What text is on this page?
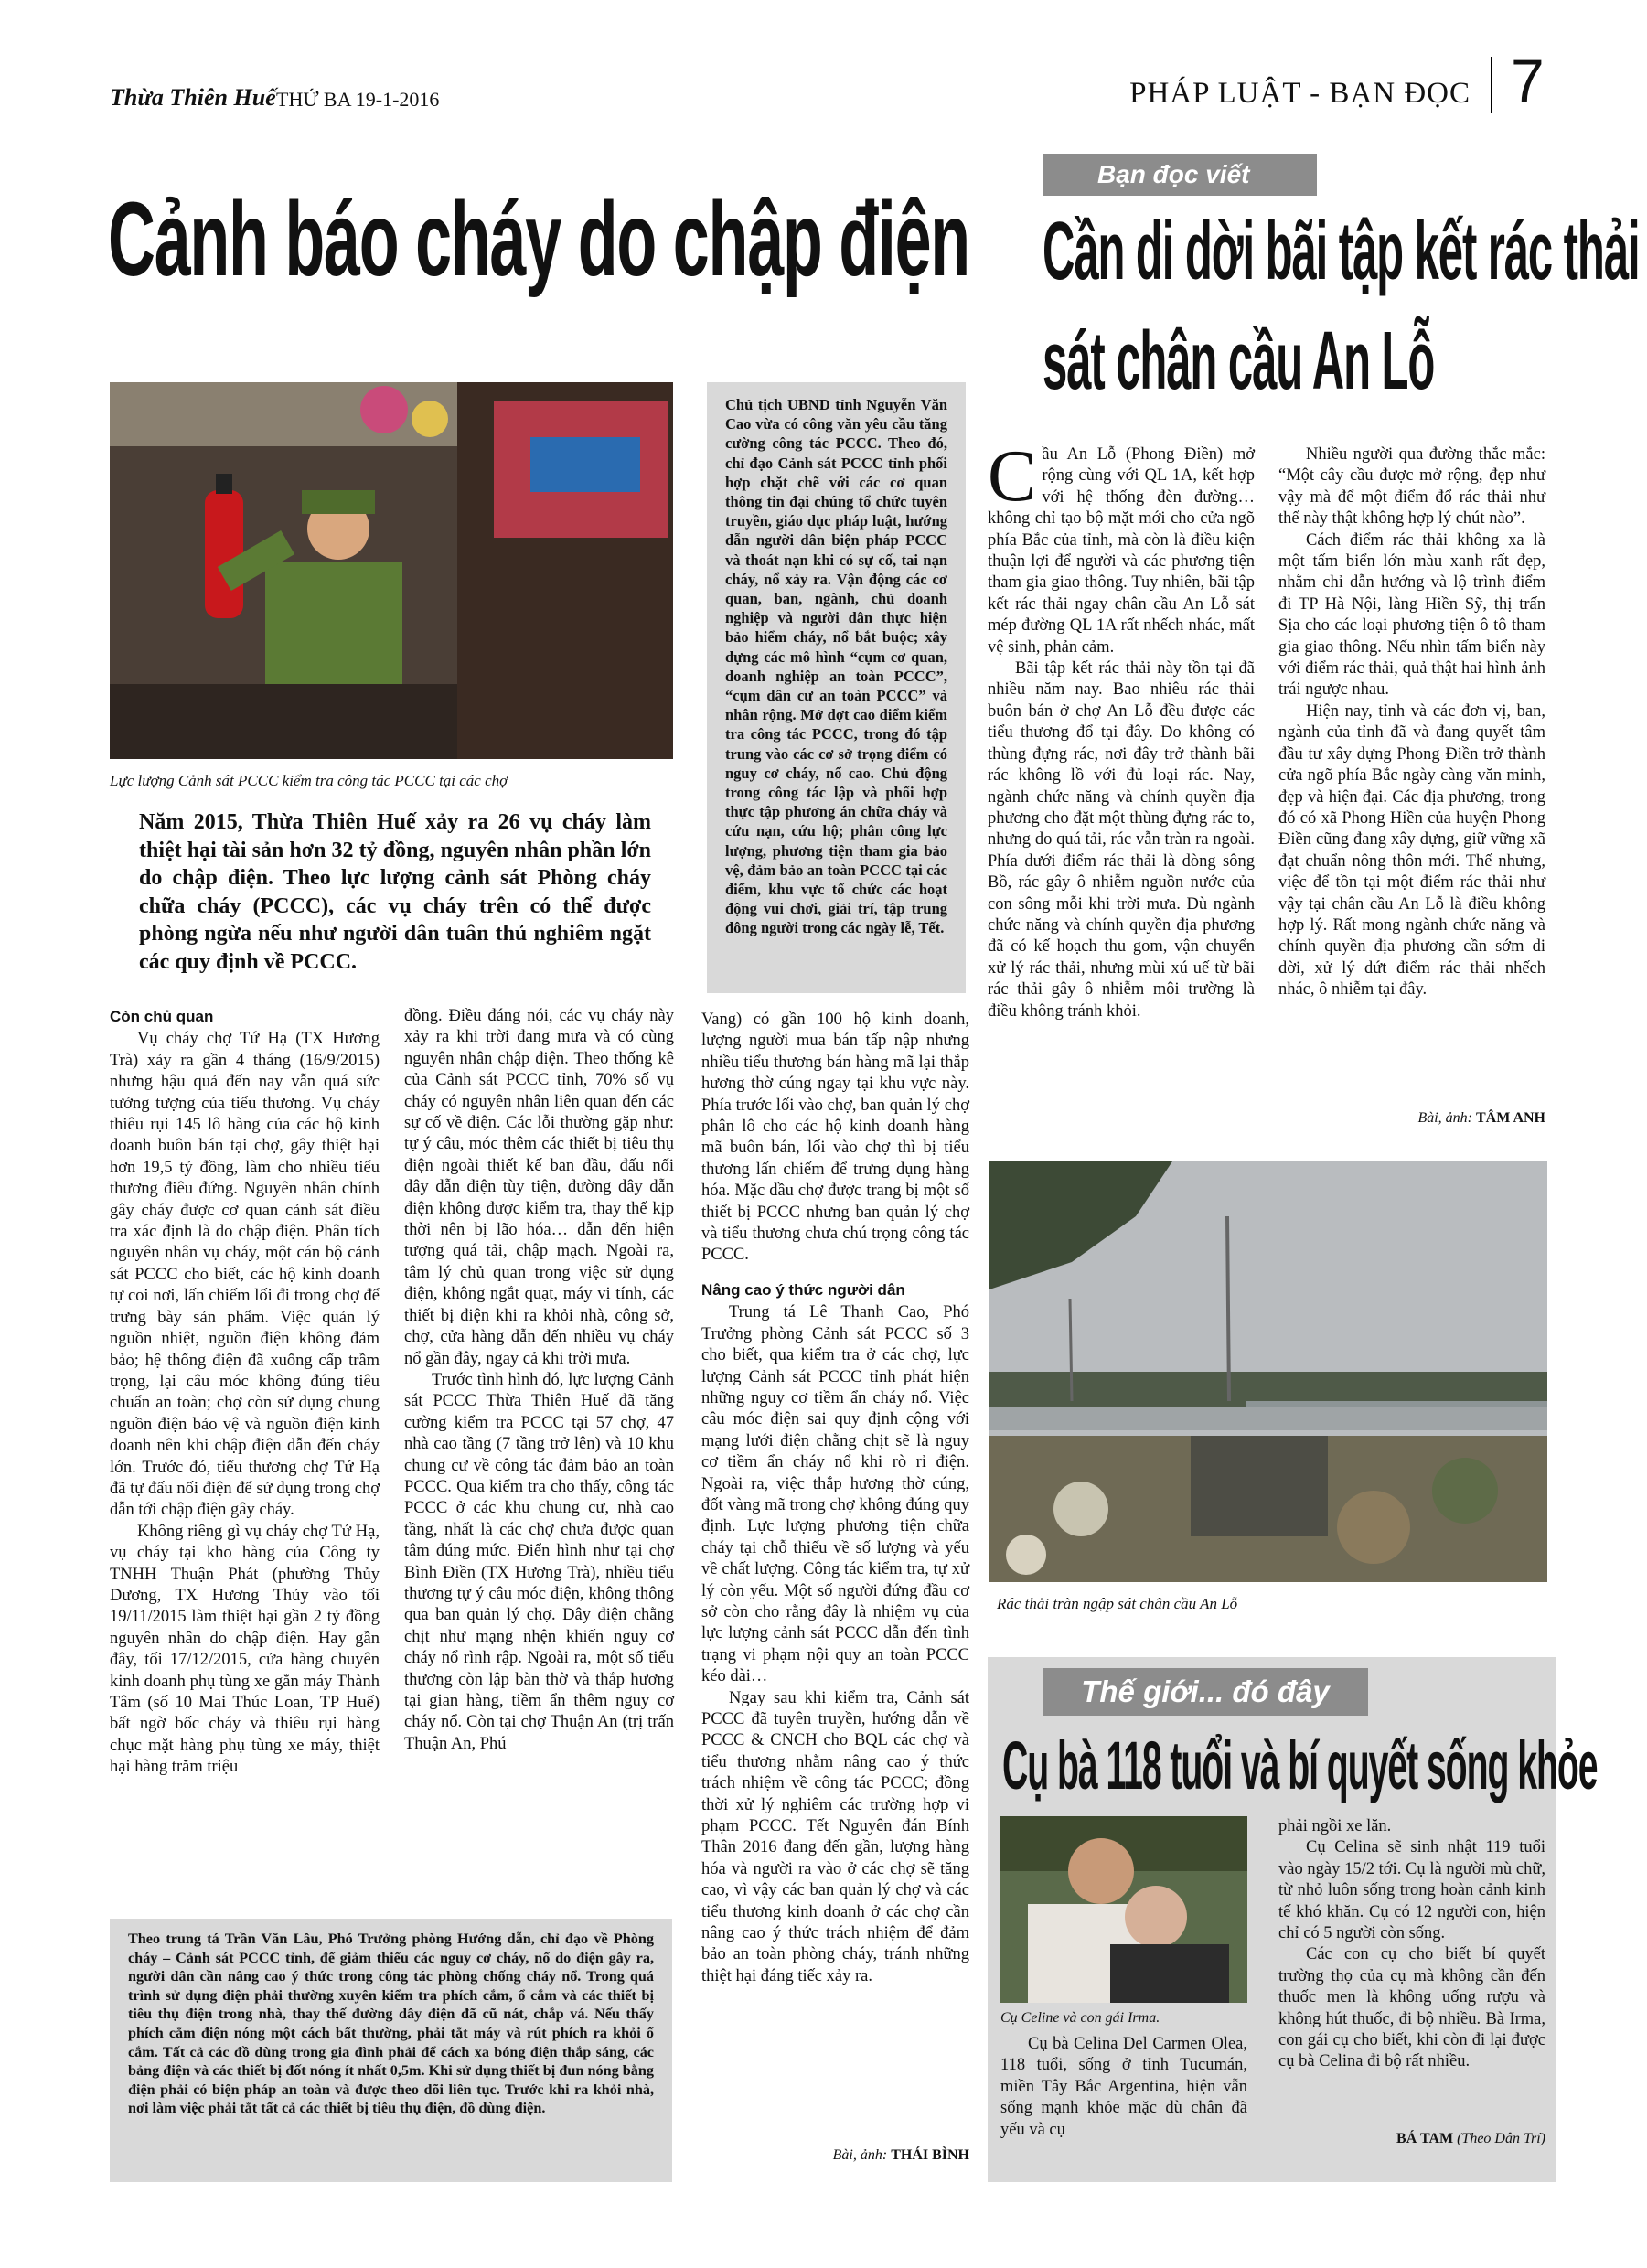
Thừa Thiên Huế THỨ BA 19-1-2016	PHÁP LUẬT - BẠN ĐỌC 7
Cảnh báo cháy do chập điện
Lực lượng Cảnh sát PCCC kiểm tra công tác PCCC tại các chợ
Chủ tịch UBND tỉnh Nguyễn Văn Cao vừa có công văn yêu cầu tăng cường công tác PCCC. Theo đó, chỉ đạo Cảnh sát PCCC tỉnh phối hợp chặt chẽ với các cơ quan thông tin đại chúng tổ chức tuyên truyền, giáo dục pháp luật, hướng dẫn người dân biện pháp PCCC và thoát nạn khi có sự cố, tai nạn cháy, nổ xảy ra. Vận động các cơ quan, ban, ngành, chủ doanh nghiệp và người dân thực hiện bảo hiểm cháy, nổ bắt buộc; xây dựng các mô hình “cụm cơ quan, doanh nghiệp an toàn PCCC”, “cụm dân cư an toàn PCCC” và nhân rộng. Mở đợt cao điểm kiểm tra công tác PCCC, trong đó tập trung vào các cơ sở trọng điểm có nguy cơ cháy, nổ cao. Chủ động trong công tác lập và phối hợp thực tập phương án chữa cháy và cứu nạn, cứu hộ; phân công lực lượng, phương tiện tham gia bảo vệ, đảm bảo an toàn PCCC tại các điểm, khu vực tổ chức các hoạt động vui chơi, giải trí, tập trung đông người trong các ngày lễ, Tết.
Năm 2015, Thừa Thiên Huế xảy ra 26 vụ cháy làm thiệt hại tài sản hơn 32 tỷ đồng, nguyên nhân phần lớn do chập điện. Theo lực lượng cảnh sát Phòng cháy chữa cháy (PCCC), các vụ cháy trên có thể được phòng ngừa nếu như người dân tuân thủ nghiêm ngặt các quy định về PCCC.
Còn chủ quan

Vụ cháy chợ Tứ Hạ (TX Hương Trà) xảy ra gần 4 tháng (16/9/2015) nhưng hậu quả đến nay vẫn quá sức tưởng tượng của tiểu thương. Vụ cháy thiêu rụi 145 lô hàng của các hộ kinh doanh buôn bán tại chợ, gây thiệt hại hơn 19,5 tỷ đồng, làm cho nhiều tiểu thương điêu đứng. Nguyên nhân chính gây cháy được cơ quan cảnh sát điều tra xác định là do chập điện. Phân tích nguyên nhân vụ cháy, một cán bộ cảnh sát PCCC cho biết, các hộ kinh doanh tự coi nơi, lấn chiếm lối đi trong chợ để trưng bày sản phẩm. Việc quản lý nguồn nhiệt, nguồn điện không đảm bảo; hệ thống điện đã xuống cấp trầm trọng, lại câu móc không đúng tiêu chuẩn an toàn; chợ còn sử dụng chung nguồn điện bảo vệ và nguồn điện kinh doanh nên khi chập điện dẫn đến cháy lớn. Trước đó, tiểu thương chợ Tứ Hạ đã tự đấu nối điện để sử dụng trong chợ dẫn tới chập điện gây cháy.

Không riêng gì vụ cháy chợ Tứ Hạ, vụ cháy tại kho hàng của Công ty TNHH Thuận Phát (phường Thủy Dương, TX Hương Thủy vào tối 19/11/2015 làm thiệt hại gần 2 tỷ đồng nguyên nhân do chập điện. Hay gần đây, tối 17/12/2015, cửa hàng chuyên kinh doanh phụ tùng xe gắn máy Thành Tâm (số 10 Mai Thúc Loan, TP Huế) bất ngờ bốc cháy và thiêu rụi hàng chục mặt hàng phụ tùng xe máy, thiệt hại hàng trăm triệu

đồng. Điều đáng nói, các vụ cháy này xảy ra khi trời đang mưa và có cùng nguyên nhân chập điện. Theo thống kê của Cảnh sát PCCC tỉnh, 70% số vụ cháy có nguyên nhân liên quan đến các sự cố về điện. Các lỗi thường gặp như: tự ý câu, móc thêm các thiết bị tiêu thụ điện ngoài thiết kế ban đầu, đấu nối dây dẫn điện tùy tiện, đường dây dẫn điện không được kiểm tra, thay thế kịp thời nên bị lão hóa… dẫn đến hiện tượng quá tải, chập mạch. Ngoài ra, tâm lý chủ quan trong việc sử dụng điện, không ngắt quạt, máy vi tính, các thiết bị điện khi ra khỏi nhà, công sở, chợ, cửa hàng dẫn đến nhiều vụ cháy nổ gần đây, ngay cả khi trời mưa.

Trước tình hình đó, lực lượng Cảnh sát PCCC Thừa Thiên Huế đã tăng cường kiểm tra PCCC tại 57 chợ, 47 nhà cao tầng (7 tầng trở lên) và 10 khu chung cư về công tác đảm bảo an toàn PCCC. Qua kiểm tra cho thấy, công tác PCCC ở các khu chung cư, nhà cao tầng, nhất là các chợ chưa được quan tâm đúng mức. Điển hình như tại chợ Bình Điền (TX Hương Trà), nhiều tiểu thương tự ý câu móc điện, không thông qua ban quản lý chợ. Dây điện chằng chịt như mạng nhện khiến nguy cơ cháy nổ rình rập. Ngoài ra, một số tiểu thương còn lập bàn thờ và thắp hương tại gian hàng, tiềm ẩn thêm nguy cơ cháy nổ. Còn tại chợ Thuận An (trị trấn Thuận An, Phú

Vang) có gần 100 hộ kinh doanh, lượng người mua bán tấp nập nhưng nhiều tiểu thương bán hàng mã lại thắp hương thờ cúng ngay tại khu vực này. Phía trước lối vào chợ, ban quản lý chợ phân lô cho các hộ kinh doanh hàng mã buôn bán, lối vào chợ thì bị tiểu thương lấn chiếm để trưng dụng hàng hóa. Mặc dầu chợ được trang bị một số thiết bị PCCC nhưng ban quản lý chợ và tiểu thương chưa chú trọng công tác PCCC.

Nâng cao ý thức người dân

Trung tá Lê Thanh Cao, Phó Trưởng phòng Cảnh sát PCCC số 3 cho biết, qua kiểm tra ở các chợ, lực lượng Cảnh sát PCCC tỉnh phát hiện những nguy cơ tiềm ẩn cháy nổ. Việc câu móc điện sai quy định cộng với mạng lưới điện chằng chịt sẽ là nguy cơ tiềm ẩn cháy nổ khi rò rỉ điện. Ngoài ra, việc thắp hương thờ cúng, đốt vàng mã trong chợ không đúng quy định. Lực lượng phương tiện chữa cháy tại chỗ thiếu về số lượng và yếu về chất lượng. Công tác kiểm tra, tự xử lý còn yếu. Một số người đứng đầu cơ sở còn cho rằng đây là nhiệm vụ của lực lượng cảnh sát PCCC dẫn đến tình trạng vi phạm nội quy an toàn PCCC kéo dài…

Ngay sau khi kiểm tra, Cảnh sát PCCC đã tuyên truyền, hướng dẫn về PCCC & CNCH cho BQL các chợ và tiểu thương nhằm nâng cao ý thức trách nhiệm về công tác PCCC; đồng thời xử lý nghiêm các trường hợp vi phạm PCCC. Tết Nguyên đán Bính Thân 2016 đang đến gần, lượng hàng hóa và người ra vào ở các chợ sẽ tăng cao, vì vậy các ban quản lý chợ và các tiểu thương kinh doanh ở các chợ cần nâng cao ý thức trách nhiệm để đảm bảo an toàn phòng cháy, tránh những thiệt hại đáng tiếc xảy ra.

Theo trung tá Trần Văn Lâu, Phó Trưởng phòng Hướng dẫn, chỉ đạo về Phòng cháy – Cảnh sát PCCC tỉnh, để giảm thiểu các nguy cơ cháy, nổ do điện gây ra, người dân cần nâng cao ý thức trong công tác phòng chống cháy nổ. Trong quá trình sử dụng điện phải thường xuyên kiểm tra phích cắm, ổ cắm và các thiết bị tiêu thụ điện trong nhà, thay thế đường dây điện đã cũ nát, chắp vá. Nếu thấy phích cắm điện nóng một cách bất thường, phải tắt máy và rút phích ra khỏi ổ cắm. Tất cả các đồ dùng trong gia đình phải để cách xa bóng điện thắp sáng, các bảng điện và các thiết bị đốt nóng ít nhất 0,5m. Khi sử dụng thiết bị đun nóng bằng điện phải có biện pháp an toàn và được theo dõi liên tục. Trước khi ra khỏi nhà, nơi làm việc phải tắt tất cả các thiết bị tiêu thụ điện, đồ dùng điện.
Bài, ảnh: THÁI BÌNH
Bạn đọc viết
Cần di dời bãi tập kết rác thải
sát chân cầu An Lỗ

Cầu An Lỗ (Phong Điền) mở rộng cùng với QL 1A, kết hợp với hệ thống đèn đường… không chỉ tạo bộ mặt mới cho cửa ngõ phía Bắc của tỉnh, mà còn là điều kiện thuận lợi để người và các phương tiện tham gia giao thông. Tuy nhiên, bãi tập kết rác thải ngay chân cầu An Lỗ sát mép đường QL 1A rất nhếch nhác, mất vệ sinh, phản cảm.

Bãi tập kết rác thải này tồn tại đã nhiều năm nay. Bao nhiêu rác thải buôn bán ở chợ An Lỗ đều được các tiểu thương đổ tại đây. Do không có thùng đựng rác, nơi đây trở thành bãi rác không lồ với đủ loại rác. Nay, ngành chức năng và chính quyền địa phương cho đặt một thùng đựng rác to, nhưng do quá tải, rác vẫn tràn ra ngoài. Phía dưới điểm rác thải là dòng sông Bồ, rác gây ô nhiễm nguồn nước của con sông mỗi khi trời mưa. Dù ngành chức năng và chính quyền địa phương đã có kế hoạch thu gom, vận chuyển xử lý rác thải, nhưng mùi xú uế từ bãi rác thải gây ô nhiễm môi trường là điều không tránh khỏi.

Nhiều người qua đường thắc mắc: “Một cây cầu được mở rộng, đẹp như vậy mà để một điểm đổ rác thải như thế này thật không hợp lý chút nào”.

Cách điểm rác thải không xa là một tấm biển lớn màu xanh rất đẹp, nhằm chỉ dẫn hướng và lộ trình điểm đi TP Hà Nội, làng Hiền Sỹ, thị trấn Sịa cho các loại phương tiện ô tô tham gia giao thông. Nếu nhìn tấm biển này với điểm rác thải, quả thật hai hình ảnh trái ngược nhau.

Hiện nay, tỉnh và các đơn vị, ban, ngành của tỉnh đã và đang quyết tâm đầu tư xây dựng Phong Điền trở thành cửa ngõ phía Bắc ngày càng văn minh, đẹp và hiện đại. Các địa phương, trong đó có xã Phong Hiền của huyện Phong Điền cũng đang xây dựng, giữ vững xã đạt chuẩn nông thôn mới. Thế nhưng, việc để tồn tại một điểm rác thải như vậy tại chân cầu An Lỗ là điều không hợp lý. Rất mong ngành chức năng và chính quyền địa phương cần sớm di dời, xử lý dứt điểm rác thải nhếch nhác, ô nhiễm tại đây.

Bài, ảnh: TÂM ANH
Rác thải tràn ngập sát chân cầu An Lỗ
Thế giới... đó đây
Cụ bà 118 tuổi và bí quyết sống khỏe
Cụ Celine và con gái Irma.

Cụ bà Celina Del Carmen Olea, 118 tuổi, sống ở tỉnh Tucumán, miền Tây Bắc Argentina, hiện vẫn sống mạnh khỏe mặc dù chân đã yếu và cụ

phải ngồi xe lăn.

Cụ Celina sẽ sinh nhật 119 tuổi vào ngày 15/2 tới. Cụ là người mù chữ, từ nhỏ luôn sống trong hoàn cảnh kinh tế khó khăn. Cụ có 12 người con, hiện chỉ có 5 người còn sống.

Các con cụ cho biết bí quyết trường thọ của cụ mà không cần đến thuốc men là không uống rượu và không hút thuốc, đi bộ nhiều. Bà Irma, con gái cụ cho biết, khi còn đi lại được cụ bà Celina đi bộ rất nhiều.

BÁ TAM (Theo Dân Trí)
